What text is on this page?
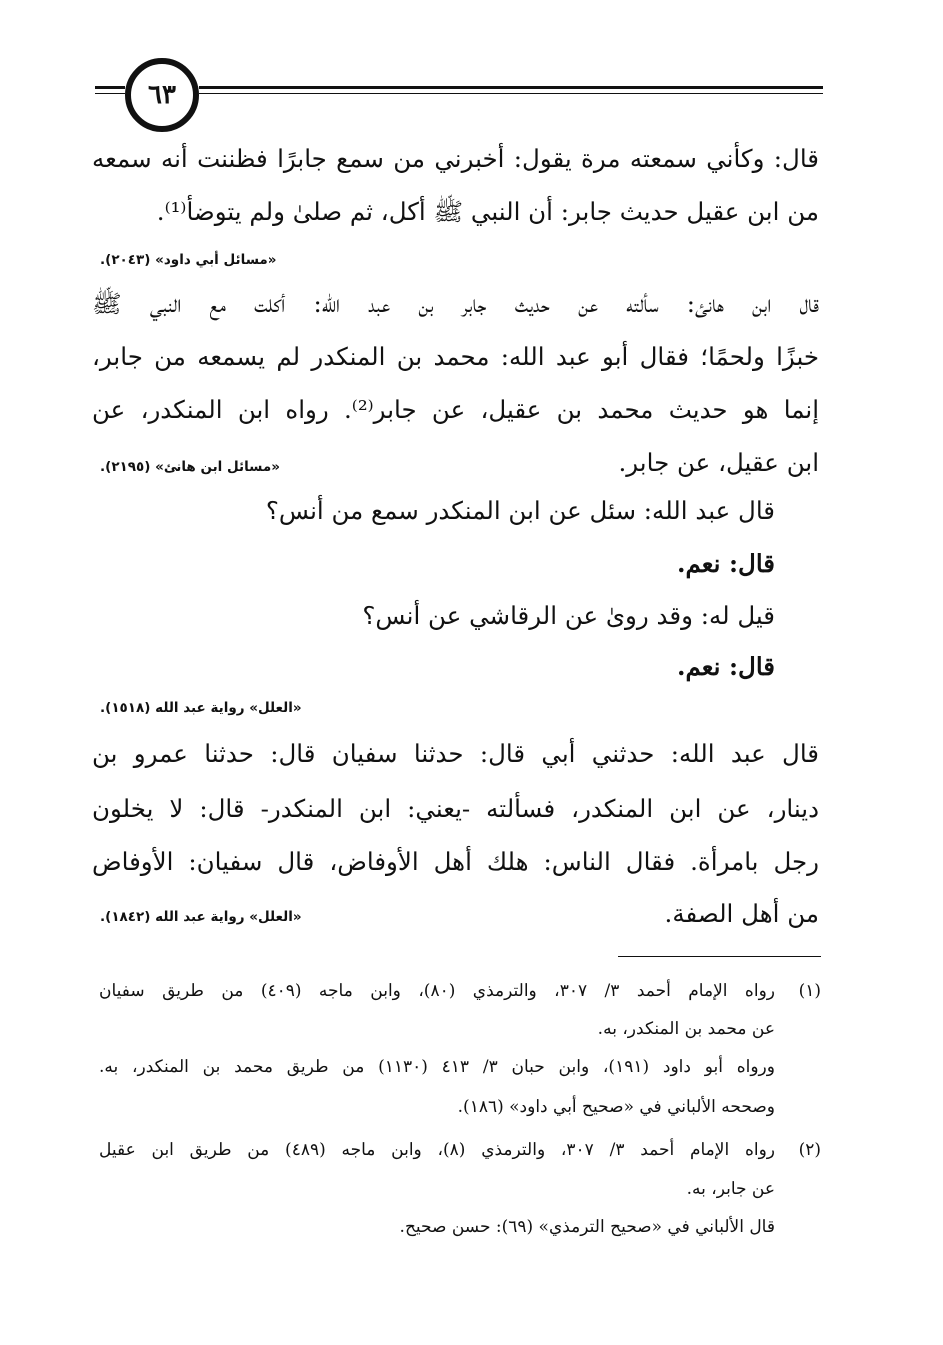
٦٣
قال: وكأني سمعته مرة يقول: أخبرني من سمع جابرًا فظننت أنه سمعه
من ابن عقيل حديث جابر: أن النبي ﷺ أكل، ثم صلىٰ ولم يتوضأ⁽¹⁾.
«مسائل أبي داود» (٢٠٤٣).
قال ابن هانئ: سألته عن حديث جابر بن عبد الله: أكلت مع النبي ﷺ
خبزًا ولحمًا؛ فقال أبو عبد الله: محمد بن المنكدر لم يسمعه من جابر،
إنما هو حديث محمد بن عقيل، عن جابر⁽²⁾. رواه ابن المنكدر، عن
ابن عقيل، عن جابر.
«مسائل ابن هانئ» (٢١٩٥).
قال عبد الله: سئل عن ابن المنكدر سمع من أنس؟
قال: نعم.
قيل له: وقد رویٰ عن الرقاشي عن أنس؟
قال: نعم.
«العلل» رواية عبد الله (١٥١٨).
قال عبد الله: حدثني أبي قال: حدثنا سفيان قال: حدثنا عمرو بن
دينار، عن ابن المنكدر، فسألته -يعني: ابن المنكدر- قال: لا يخلون
رجل بامرأة. فقال الناس: هلك أهل الأوفاض، قال سفيان: الأوفاض
من أهل الصفة.
«العلل» رواية عبد الله (١٨٤٢).
(١)
رواه الإمام أحمد ٣/ ٣٠٧، والترمذي (٨٠)، وابن ماجه (٤٠٩) من طريق سفيان
عن محمد بن المنكدر، به.
ورواه أبو داود (١٩١)، وابن حبان ٣/ ٤١٣ (١١٣٠) من طريق محمد بن المنكدر، به.
وصححه الألباني في «صحيح أبي داود» (١٨٦).
(٢)
رواه الإمام أحمد ٣/ ٣٠٧، والترمذي (٨)، وابن ماجه (٤٨٩) من طريق ابن عقيل
عن جابر، به.
قال الألباني في «صحيح الترمذي» (٦٩): حسن صحيح.
